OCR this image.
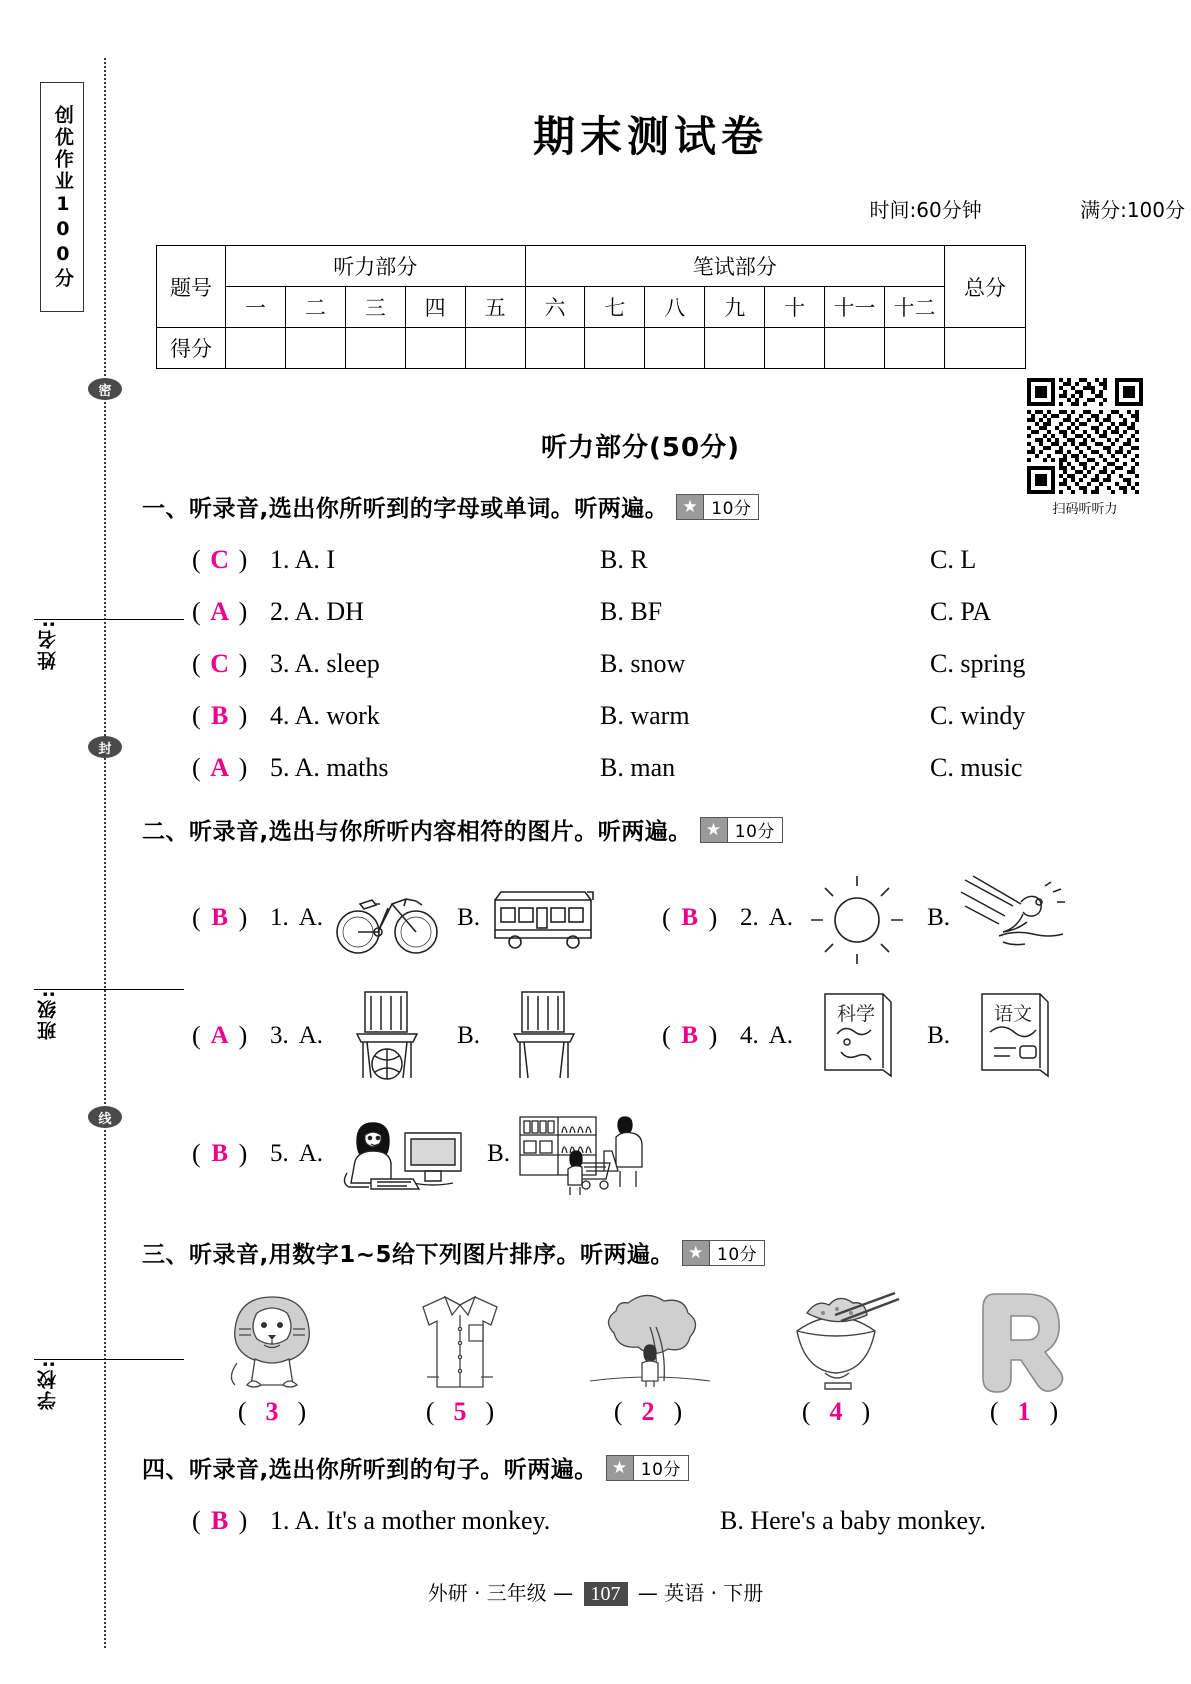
创优作业100分
密
封
线
姓名:
班级:
学校:
期末测试卷
时间:60分钟	满分:100分
题号	听力部分					笔试部分							总分
	一	二	三	四	五	六	七	八	九	十	十一	十二	
得分													
听力部分(50分)
扫码听听力
一、听录音,选出你所听到的字母或单词。听两遍。 ★ 10分
( C ) 1. A. I	B. R	C. L
( A ) 2. A. DH	B. BF	C. PA
( C ) 3. A. sleep	B. snow	C. spring
( B ) 4. A. work	B. warm	C. windy
( A ) 5. A. maths	B. man	C. music
二、听录音,选出与你所听内容相符的图片。听两遍。 ★ 10分
( B ) 1. A.	B.	( B ) 2. A.	B.
( A ) 3. A.	B.	( B ) 4. A.
科学
B.
语文
( B ) 5. A.	B.
三、听录音,用数字1~5给下列图片排序。听两遍。 ★ 10分
( 3 )	( 5 )	( 2 )	( 4 )	( 1 )
四、听录音,选出你所听到的句子。听两遍。 ★ 10分
( B ) 1. A. It's a mother monkey.	B. Here's a baby monkey.
外研 · 三年级 — 107 — 英语 · 下册
